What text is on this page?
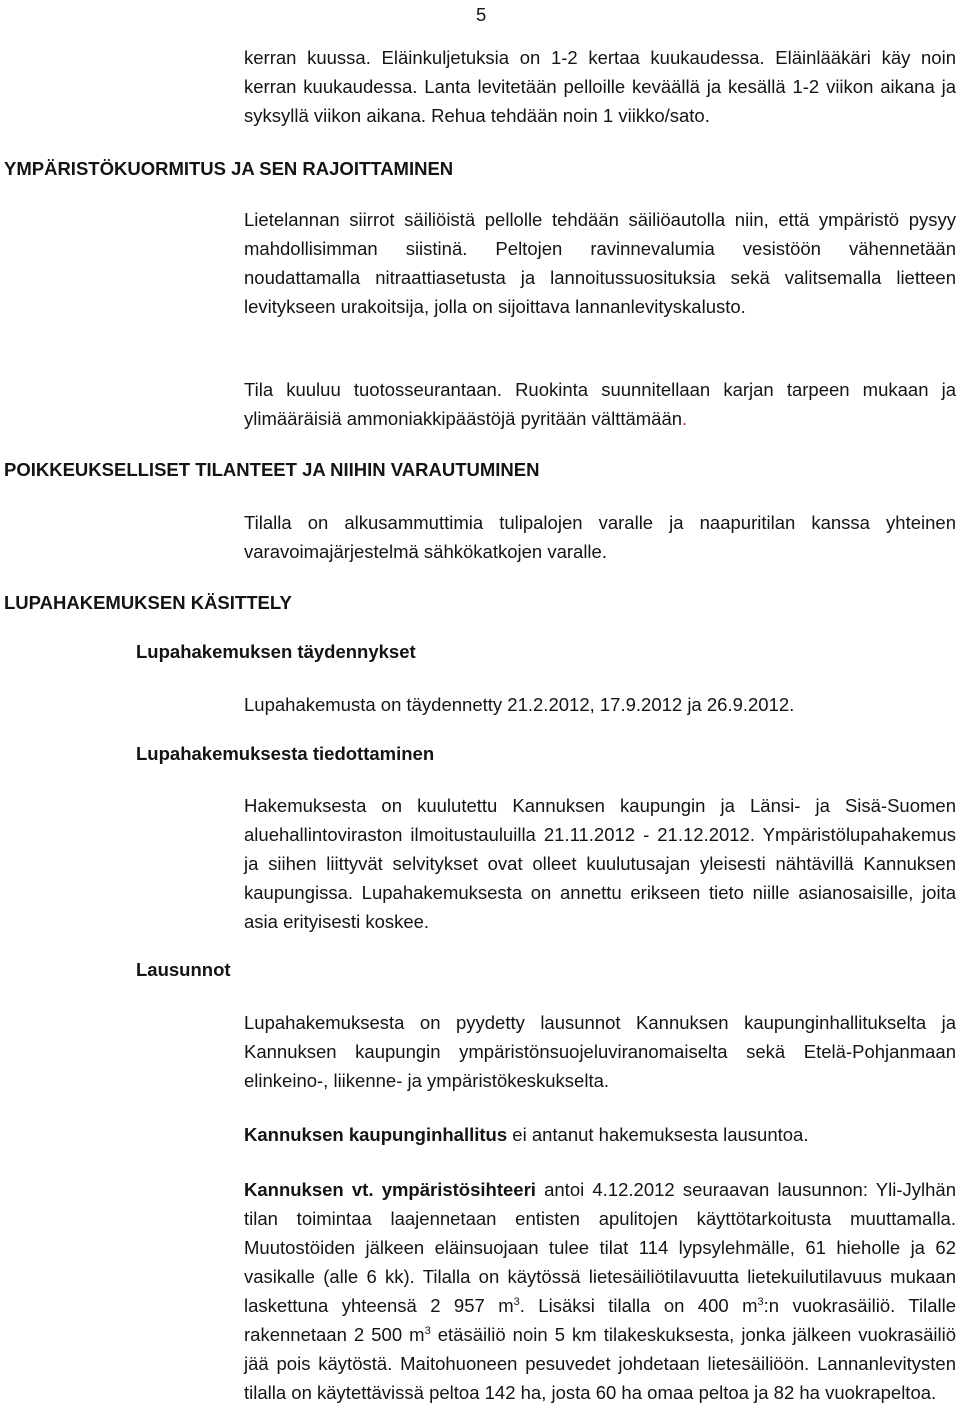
5

kerran kuussa. Eläinkuljetuksia on 1-2 kertaa kuukaudessa. Eläinlääkäri käy noin kerran kuukaudessa. Lanta levitetään pelloille keväällä ja kesällä 1-2 viikon aikana ja syksyllä viikon aikana. Rehua tehdään noin 1 viikko/sato.

YMPÄRISTÖKUORMITUS JA SEN RAJOITTAMINEN

Lietelannan siirrot säiliöistä pellolle tehdään säiliöautolla niin, että ympäristö pysyy mahdollisimman siistinä. Peltojen ravinnevalumia vesistöön vähennetään noudattamalla nitraattiasetusta ja lannoitussuosituksia sekä valitsemalla lietteen levitykseen urakoitsija, jolla on sijoittava lannanlevityskalusto.

Tila kuuluu tuotosseurantaan. Ruokinta suunnitellaan karjan tarpeen mukaan ja ylimääräisiä ammoniakkipäästöjä pyritään välttämään.

POIKKEUKSELLISET TILANTEET JA NIIHIN VARAUTUMINEN

Tilalla on alkusammuttimia tulipalojen varalle ja naapuritilan kanssa yhteinen varavoimajärjestelmä sähkökatkojen varalle.

LUPAHAKEMUKSEN KÄSITTELY
Lupahakemuksen täydennykset

Lupahakemusta on täydennetty 21.2.2012, 17.9.2012 ja 26.9.2012.

Lupahakemuksesta tiedottaminen

Hakemuksesta on kuulutettu Kannuksen kaupungin ja Länsi- ja Sisä-Suomen aluehallintoviraston ilmoitustauluilla 21.11.2012 - 21.12.2012. Ympäristölupahakemus ja siihen liittyvät selvitykset ovat olleet kuulutusajan yleisesti nähtävillä Kannuksen kaupungissa. Lupahakemuksesta on annettu erikseen tieto niille asianosaisille, joita asia erityisesti koskee.

Lausunnot

Lupahakemuksesta on pyydetty lausunnot Kannuksen kaupunginhallitukselta ja Kannuksen kaupungin ympäristönsuojeluviranomaiselta sekä Etelä-Pohjanmaan elinkeino-, liikenne- ja ympäristökeskukselta.

Kannuksen kaupunginhallitus ei antanut hakemuksesta lausuntoa.

Kannuksen vt. ympäristösihteeri antoi 4.12.2012 seuraavan lausunnon: Yli-Jylhän tilan toimintaa laajennetaan entisten apulitojen käyttötarkoitusta muuttamalla. Muutostöiden jälkeen eläinsuojaan tulee tilat 114 lypsylehmälle, 61 hieholle ja 62 vasikalle (alle 6 kk). Tilalla on käytössä lietesäiliötilavuutta lietekuilutilavuus mukaan laskettuna yhteensä 2 957 $m^3$. Lisäksi tilalla on 400 $m^3:n$ vuokrasäiliö. Tilalle rakennetaan 2 500 $m^3$ etäsäiliö noin 5 km tilakeskuksesta, jonka jälkeen vuokrasäiliö jää pois käytöstä. Maitohuoneen pesuvedet johdetaan lietesäiliöön. Lannanlevitysten tilalla on käytettävissä peltoa 142 ha, josta 60 ha omaa peltoa ja 82 ha vuokrapeltoa.
